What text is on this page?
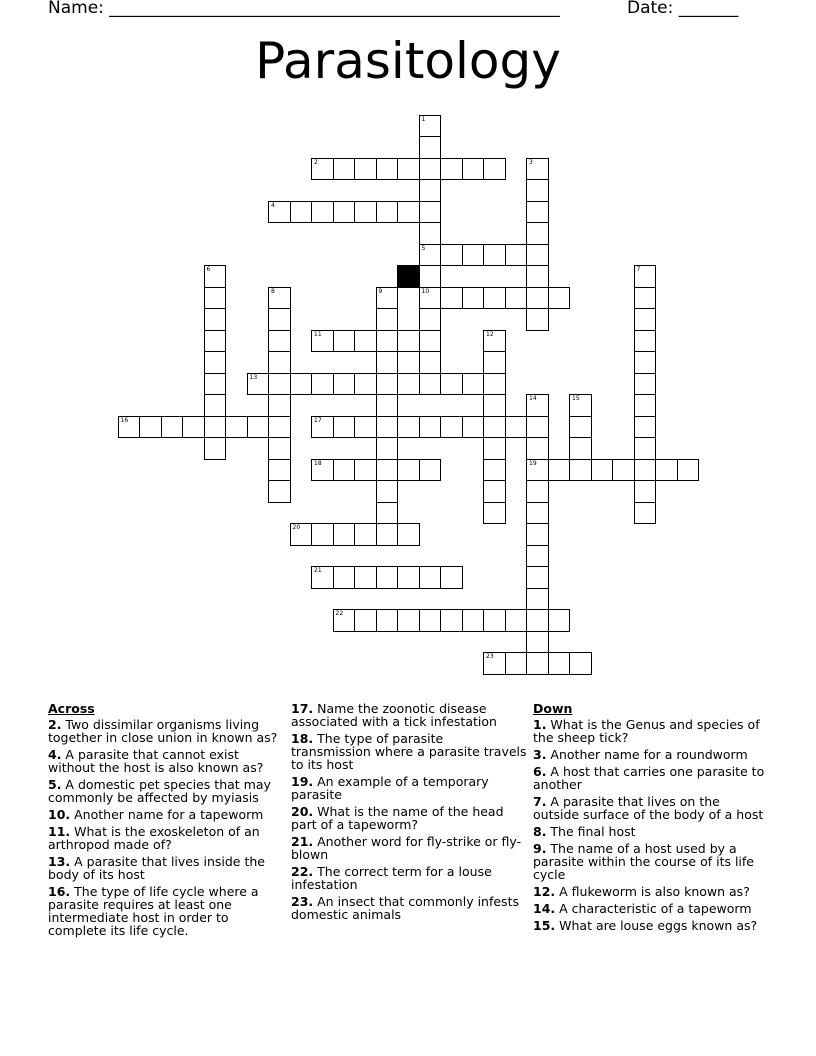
Name: _____________________________________________________	Date: _______
Parasitology
1
5
10
2	3
4
6	7
8	9
11	12
13
14
19
15
16	17
18
20
21
22
23
Across
2. Two dissimilar organisms living together in close union in known as?
4. A parasite that cannot exist without the host is also known as?
5. A domestic pet species that may commonly be affected by myiasis
10. Another name for a tapeworm
11. What is the exoskeleton of an arthropod made of?
13. A parasite that lives inside the body of its host
16. The type of life cycle where a parasite requires at least one intermediate host in order to complete its life cycle.
17. Name the zoonotic disease associated with a tick infestation
18. The type of parasite transmission where a parasite travels to its host
19. An example of a temporary parasite
20. What is the name of the head part of a tapeworm?
21. Another word for fly-strike or fly-blown
22. The correct term for a louse infestation
23. An insect that commonly infests domestic animals
Down
1. What is the Genus and species of the sheep tick?
3. Another name for a roundworm
6. A host that carries one parasite to another
7. A parasite that lives on the outside surface of the body of a host
8. The final host
9. The name of a host used by a parasite within the course of its life cycle
12. A flukeworm is also known as?
14. A characteristic of a tapeworm
15. What are louse eggs known as?
